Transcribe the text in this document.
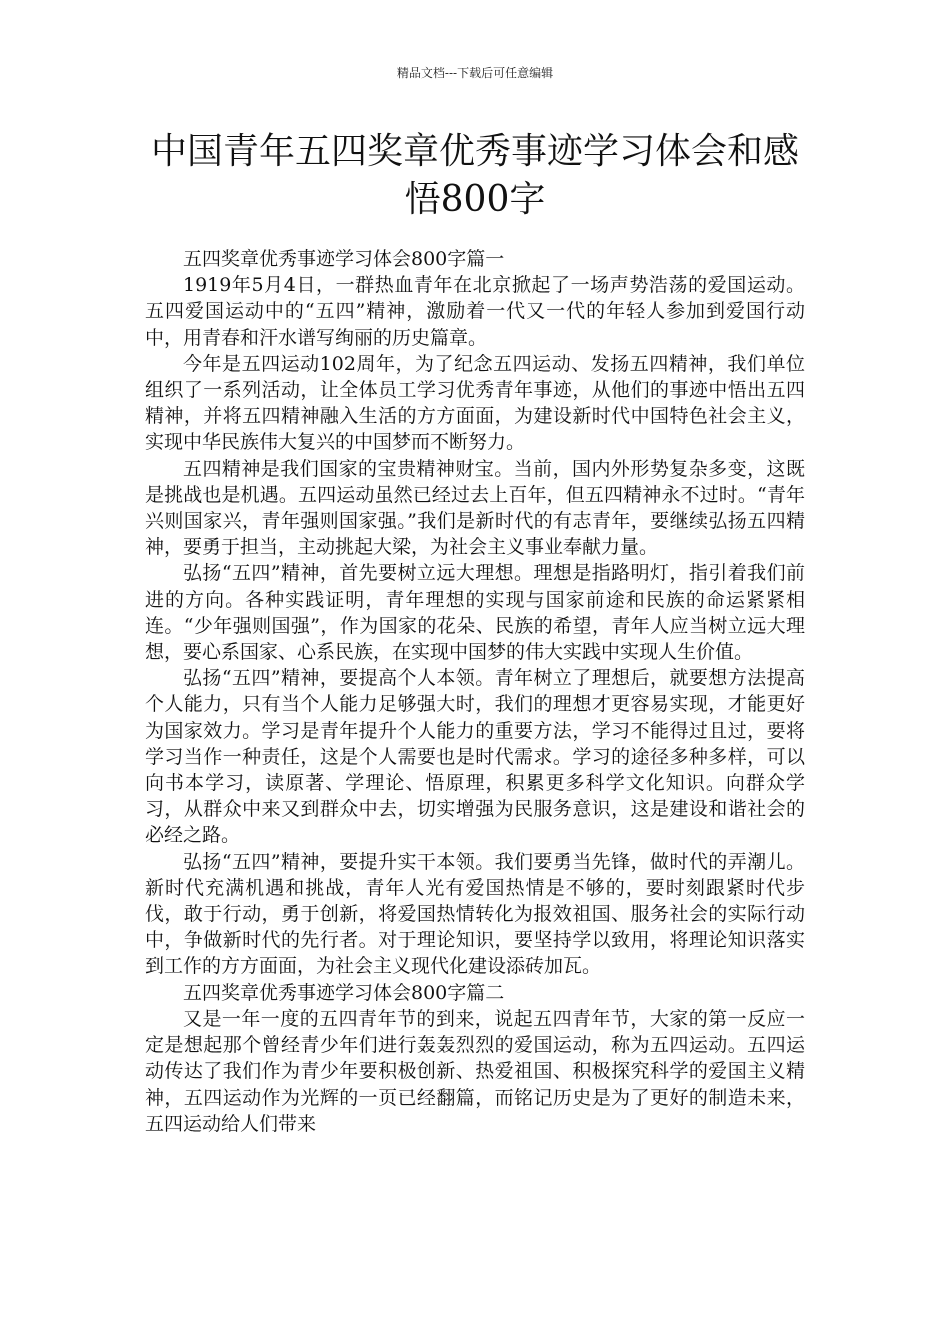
精品文档---下载后可任意编辑
中国青年五四奖章优秀事迹学习体会和感悟800字

五四奖章优秀事迹学习体会800字篇一

1919年5月4日，一群热血青年在北京掀起了一场声势浩荡的爱国运动。五四爱国运动中的“五四”精神，激励着一代又一代的年轻人参加到爱国行动中，用青春和汗水谱写绚丽的历史篇章。

今年是五四运动102周年，为了纪念五四运动、发扬五四精神，我们单位组织了一系列活动，让全体员工学习优秀青年事迹，从他们的事迹中悟出五四精神，并将五四精神融入生活的方方面面，为建设新时代中国特色社会主义，实现中华民族伟大复兴的中国梦而不断努力。

五四精神是我们国家的宝贵精神财宝。当前，国内外形势复杂多变，这既是挑战也是机遇。五四运动虽然已经过去上百年，但五四精神永不过时。“青年兴则国家兴，青年强则国家强。”我们是新时代的有志青年，要继续弘扬五四精神，要勇于担当，主动挑起大梁，为社会主义事业奉献力量。

弘扬“五四”精神，首先要树立远大理想。理想是指路明灯，指引着我们前进的方向。各种实践证明，青年理想的实现与国家前途和民族的命运紧紧相连。“少年强则国强”，作为国家的花朵、民族的希望，青年人应当树立远大理想，要心系国家、心系民族，在实现中国梦的伟大实践中实现人生价值。

弘扬“五四”精神，要提高个人本领。青年树立了理想后，就要想方法提高个人能力，只有当个人能力足够强大时，我们的理想才更容易实现，才能更好为国家效力。学习是青年提升个人能力的重要方法，学习不能得过且过，要将学习当作一种责任，这是个人需要也是时代需求。学习的途径多种多样，可以向书本学习，读原著、学理论、悟原理，积累更多科学文化知识。向群众学习，从群众中来又到群众中去，切实增强为民服务意识，这是建设和谐社会的必经之路。

弘扬“五四”精神，要提升实干本领。我们要勇当先锋，做时代的弄潮儿。新时代充满机遇和挑战，青年人光有爱国热情是不够的，要时刻跟紧时代步伐，敢于行动，勇于创新，将爱国热情转化为报效祖国、服务社会的实际行动中，争做新时代的先行者。对于理论知识，要坚持学以致用，将理论知识落实到工作的方方面面，为社会主义现代化建设添砖加瓦。

五四奖章优秀事迹学习体会800字篇二

又是一年一度的五四青年节的到来，说起五四青年节，大家的第一反应一定是想起那个曾经青少年们进行轰轰烈烈的爱国运动，称为五四运动。五四运动传达了我们作为青少年要积极创新、热爱祖国、积极探究科学的爱国主义精神，五四运动作为光辉的一页已经翻篇，而铭记历史是为了更好的制造未来，五四运动给人们带来
